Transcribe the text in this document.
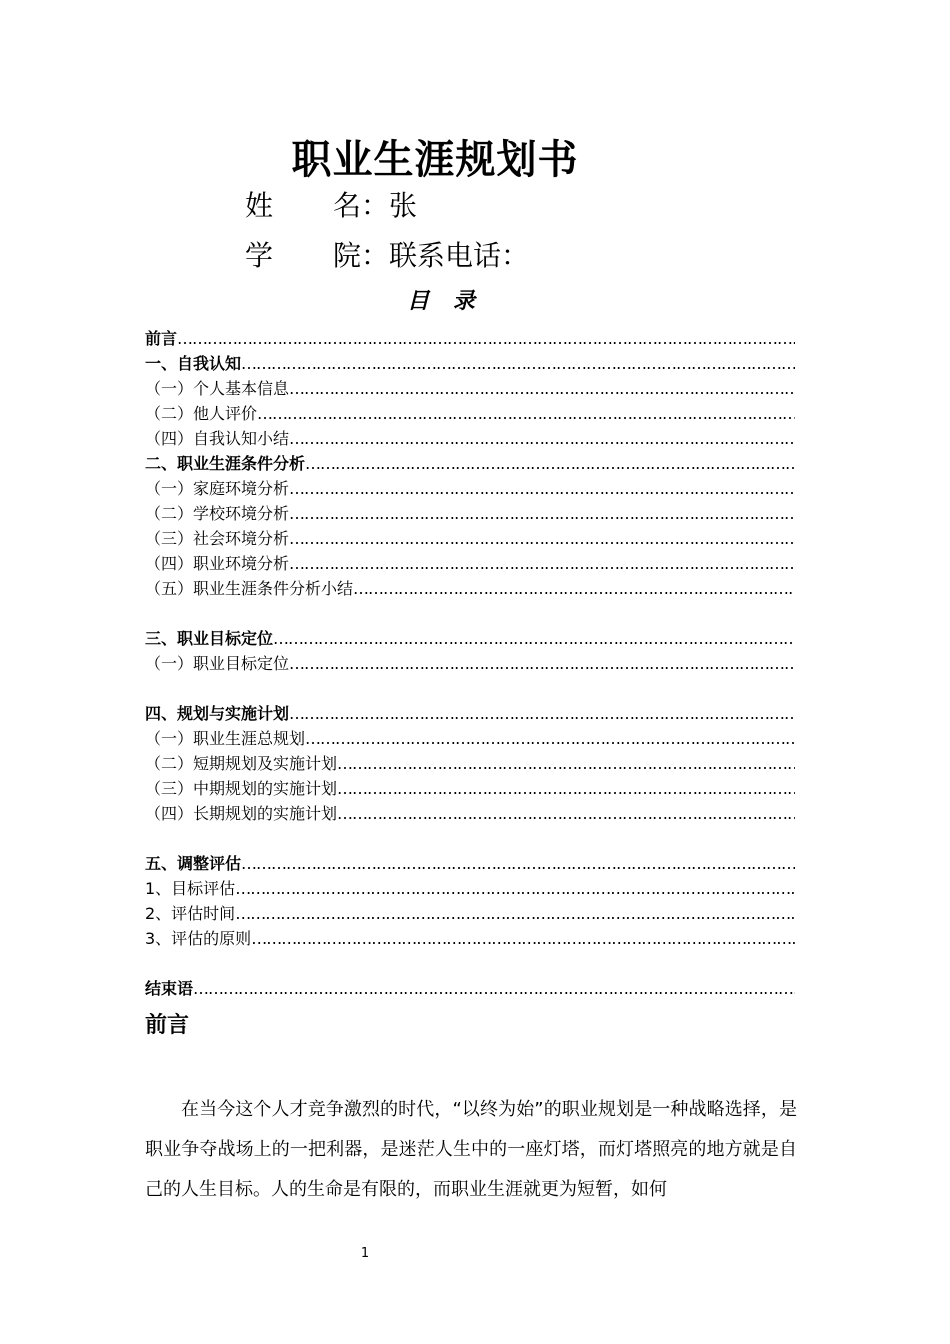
职业生涯规划书
姓 名：张
学 院：联系电话：
目 录
前言
…………………………………………………………………………………………………………………………………………………………………………………………
一、自我认知
…………………………………………………………………………………………………………………………………………………………………………………………
（一）个人基本信息
…………………………………………………………………………………………………………………………………………………………………………………………
（二）他人评价
…………………………………………………………………………………………………………………………………………………………………………………………
（四）自我认知小结
…………………………………………………………………………………………………………………………………………………………………………………………
二、职业生涯条件分析
…………………………………………………………………………………………………………………………………………………………………………………………
（一）家庭环境分析
…………………………………………………………………………………………………………………………………………………………………………………………
（二）学校环境分析
…………………………………………………………………………………………………………………………………………………………………………………………
（三）社会环境分析
…………………………………………………………………………………………………………………………………………………………………………………………
（四）职业环境分析
…………………………………………………………………………………………………………………………………………………………………………………………
（五）职业生涯条件分析小结
…………………………………………………………………………………………………………………………………………………………………………………………
三、职业目标定位
…………………………………………………………………………………………………………………………………………………………………………………………
（一）职业目标定位
…………………………………………………………………………………………………………………………………………………………………………………………
四、规划与实施计划
…………………………………………………………………………………………………………………………………………………………………………………………
（一）职业生涯总规划
…………………………………………………………………………………………………………………………………………………………………………………………
（二）短期规划及实施计划
…………………………………………………………………………………………………………………………………………………………………………………………
（三）中期规划的实施计划
…………………………………………………………………………………………………………………………………………………………………………………………
（四）长期规划的实施计划
…………………………………………………………………………………………………………………………………………………………………………………………
五、调整评估
…………………………………………………………………………………………………………………………………………………………………………………………
1、目标评估
…………………………………………………………………………………………………………………………………………………………………………………………
2、评估时间
…………………………………………………………………………………………………………………………………………………………………………………………
3、评估的原则
…………………………………………………………………………………………………………………………………………………………………………………………
结束语
…………………………………………………………………………………………………………………………………………………………………………………………
前言

在当今这个人才竞争激烈的时代，“以终为始”的职业规划是一种战略选择，是职业争夺战场上的一把利器，是迷茫人生中的一座灯塔，而灯塔照亮的地方就是自己的人生目标。人的生命是有限的，而职业生涯就更为短暂，如何

1
